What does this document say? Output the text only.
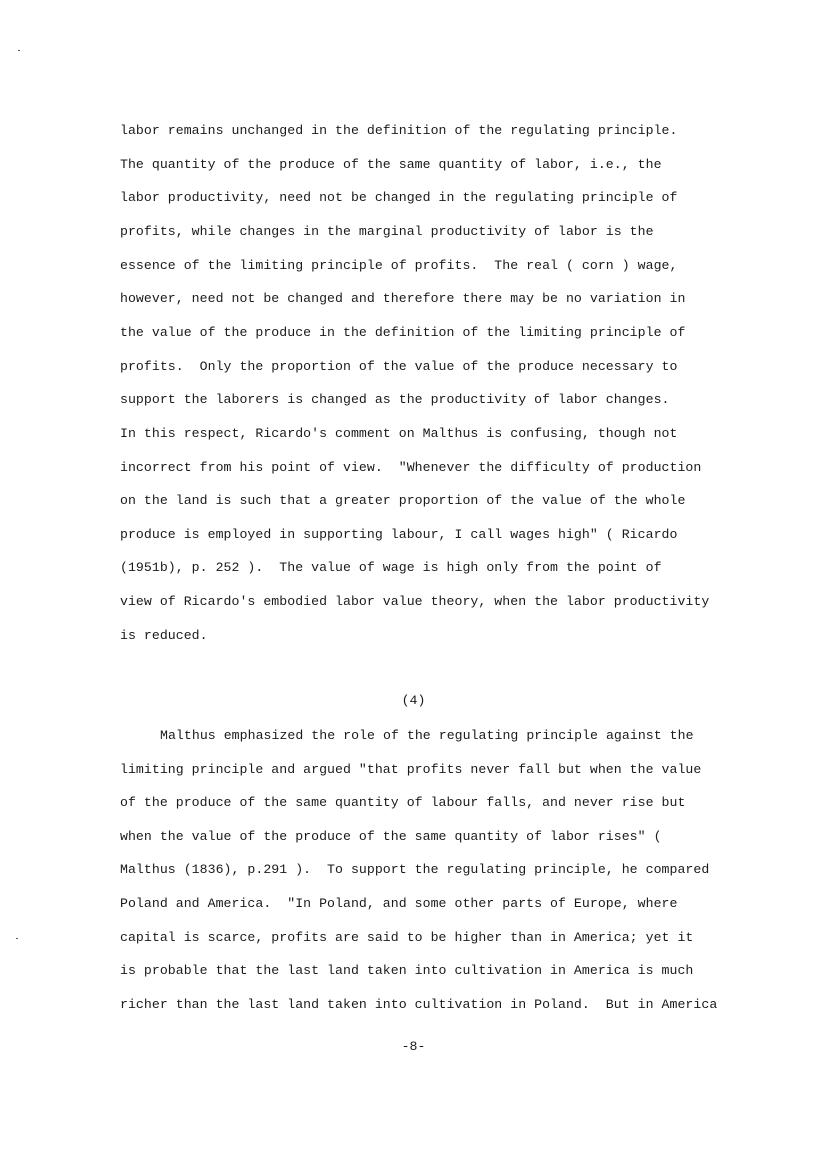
labor remains unchanged in the definition of the regulating principle.
The quantity of the produce of the same quantity of labor, i.e., the
labor productivity, need not be changed in the regulating principle of
profits, while changes in the marginal productivity of labor is the
essence of the limiting principle of profits.  The real ( corn ) wage,
however, need not be changed and therefore there may be no variation in
the value of the produce in the definition of the limiting principle of
profits.  Only the proportion of the value of the produce necessary to
support the laborers is changed as the productivity of labor changes.
In this respect, Ricardo's comment on Malthus is confusing, though not
incorrect from his point of view.  "Whenever the difficulty of production
on the land is such that a greater proportion of the value of the whole
produce is employed in supporting labour, I call wages high" ( Ricardo
(1951b), p. 252 ).  The value of wage is high only from the point of
view of Ricardo's embodied labor value theory, when the labor productivity
is reduced.
(4)
Malthus emphasized the role of the regulating principle against the
limiting principle and argued "that profits never fall but when the value
of the produce of the same quantity of labour falls, and never rise but
when the value of the produce of the same quantity of labor rises" (
Malthus (1836), p.291 ).  To support the regulating principle, he compared
Poland and America.  "In Poland, and some other parts of Europe, where
capital is scarce, profits are said to be higher than in America; yet it
is probable that the last land taken into cultivation in America is much
richer than the last land taken into cultivation in Poland.  But in America
-8-
